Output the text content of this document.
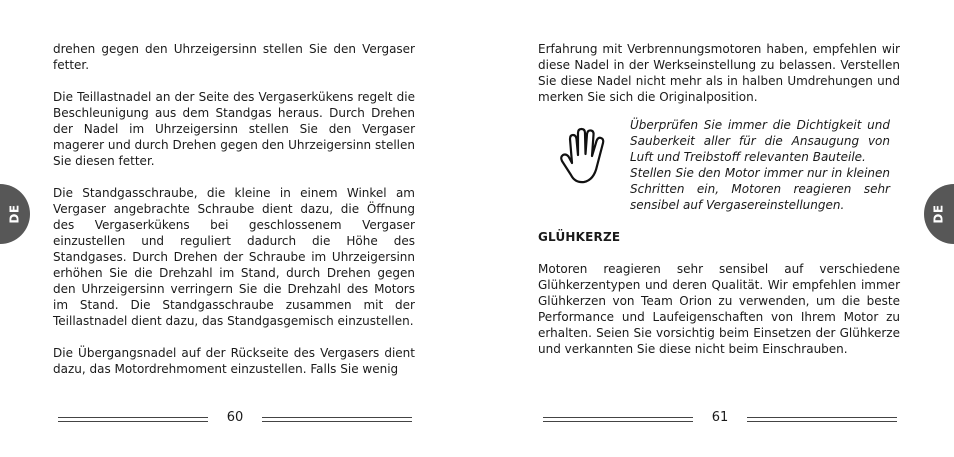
DE

drehen gegen den Uhrzeigersinn stellen Sie den Vergaser fetter.

Die Teillastnadel an der Seite des Vergaserkükens regelt die Beschleunigung aus dem Standgas heraus. Durch Drehen der Nadel im Uhrzeigersinn stellen Sie den Vergaser magerer und durch Drehen gegen den Uhrzeigersinn stellen Sie diesen fetter.

Die Standgasschraube, die kleine in einem Winkel am Vergaser angebrachte Schraube dient dazu, die Öffnung des Vergaserkükens bei geschlossenem Vergaser einzustellen und reguliert dadurch die Höhe des Standgases. Durch Drehen der Schraube im Uhrzeigersinn erhöhen Sie die Drehzahl im Stand, durch Drehen gegen den Uhrzeigersinn verringern Sie die Drehzahl des Motors im Stand. Die Standgasschraube zusammen mit der Teillastnadel dient dazu, das Standgasgemisch einzustellen.

Die Übergangsnadel auf der Rückseite des Vergasers dient dazu, das Motordrehmoment einzustellen. Falls Sie wenig

60

Erfahrung mit Verbrennungsmotoren haben, empfehlen wir diese Nadel in der Werkseinstellung zu belassen. Verstellen Sie diese Nadel nicht mehr als in halben Umdrehungen und merken Sie sich die Originalposition.

Überprüfen Sie immer die Dichtigkeit und Sauberkeit aller für die Ansaugung von Luft und Treibstoff relevanten Bauteile.
Stellen Sie den Motor immer nur in kleinen Schritten ein, Motoren reagieren sehr sensibel auf Vergasereinstellungen.
GLÜHKERZE

Motoren reagieren sehr sensibel auf verschiedene Glühkerzentypen und deren Qualität. Wir empfehlen immer Glühkerzen von Team Orion zu verwenden, um die beste Performance und Laufeigenschaften von Ihrem Motor zu erhalten. Seien Sie vorsichtig beim Einsetzen der Glühkerze und verkannten Sie diese nicht beim Einschrauben.

DE
61
